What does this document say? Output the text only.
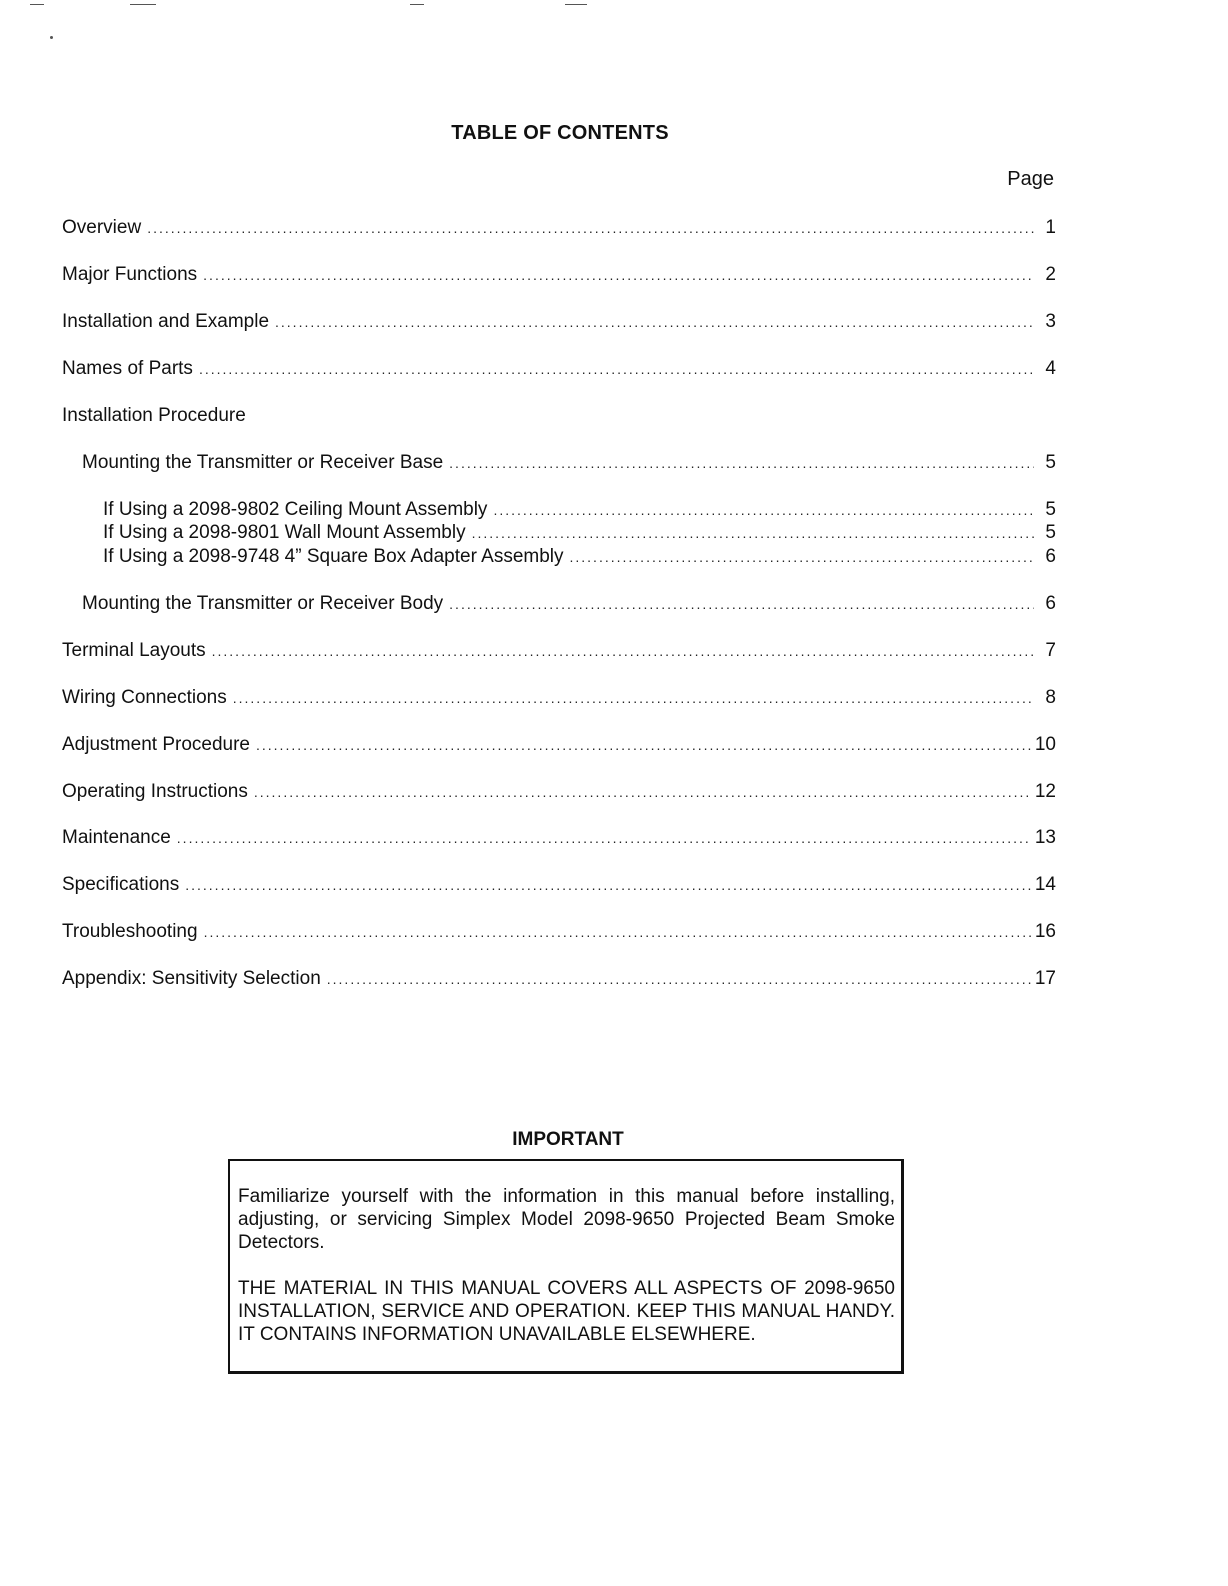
TABLE OF CONTENTS
Page
Overview .....	1
Major Functions .....	2
Installation and Example .....	3
Names of Parts .....	4
Installation Procedure
Mounting the Transmitter or Receiver Base .....	5
If Using a 2098-9802 Ceiling Mount Assembly .....	5
If Using a 2098-9801 Wall Mount Assembly .....	5
If Using a 2098-9748 4” Square Box Adapter Assembly .....	6
Mounting the Transmitter or Receiver Body .....	6
Terminal Layouts .....	7
Wiring Connections .....	8
Adjustment Procedure .....	10
Operating Instructions .....	12
Maintenance .....	13
Specifications .....	14
Troubleshooting .....	16
Appendix: Sensitivity Selection .....	17
IMPORTANT

Familiarize yourself with the information in this manual before installing, adjusting, or servicing Simplex Model 2098-9650 Projected Beam Smoke Detectors.

THE MATERIAL IN THIS MANUAL COVERS ALL ASPECTS OF 2098-9650 INSTALLATION, SERVICE AND OPERATION. KEEP THIS MANUAL HANDY. IT CONTAINS INFORMATION UNAVAILABLE ELSEWHERE.
